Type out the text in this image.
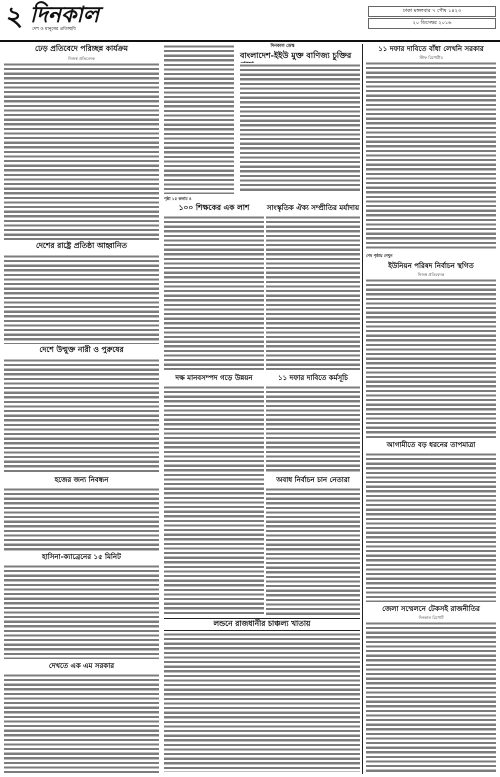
২ দিনকাল
দেশ ও মানুষের প্রতিচ্ছবি
ঢাকা মঙ্গলবার ৭ পৌষ ১৪২৩
২০ ডিসেম্বর ২০১৬
ঢেড় প্রতিবেদে পরিচ্ছন্ন কার্যক্রম
নিজস্ব প্রতিবেদক
দেশের রাষ্ট্রে প্রতিষ্ঠা আহ্বানিত
দেশে উন্মুক্ত নারী ও পুরুষের
হজের জন্য নিবন্ধন
হাসিনা-ক্যাব্রেনের ১৫ মিনিট
দেখতে এক এম সরকার
দিনকাল ডেস্ক
বাংলাদেশ-ইইউ মুক্ত বাণিজ্য চুক্তির
পৃষ্ঠা ১৫ কলাম ৪
১০০ শিক্ষকের এক লাশ	সাংস্কৃতিক ঐক্য সম্প্রীতির মর্যাদায়
দক্ষ মানবসম্পদ গড়ে উন্নয়ন	১১ দফার দাবিতে কর্মসূচি
অবাধ নির্বাচন চান নেতারা
লন্ডনে রাজধানীর চাঞ্চল্য খাতায়
১১ দফার দাবিতে বাঁধা লেখনি সরকার
স্টাফ রিপোর্টার
শেষ পৃষ্ঠায় দেখুন
ইউনিয়ন পরিষদ নির্বাচন স্থগিত
নিজস্ব প্রতিবেদক
আগামীতে বড় ধরনের তাপমাত্রা
জেলা সম্মেলনে টেকসই রাজনীতির
দিনকাল রিপোর্ট
